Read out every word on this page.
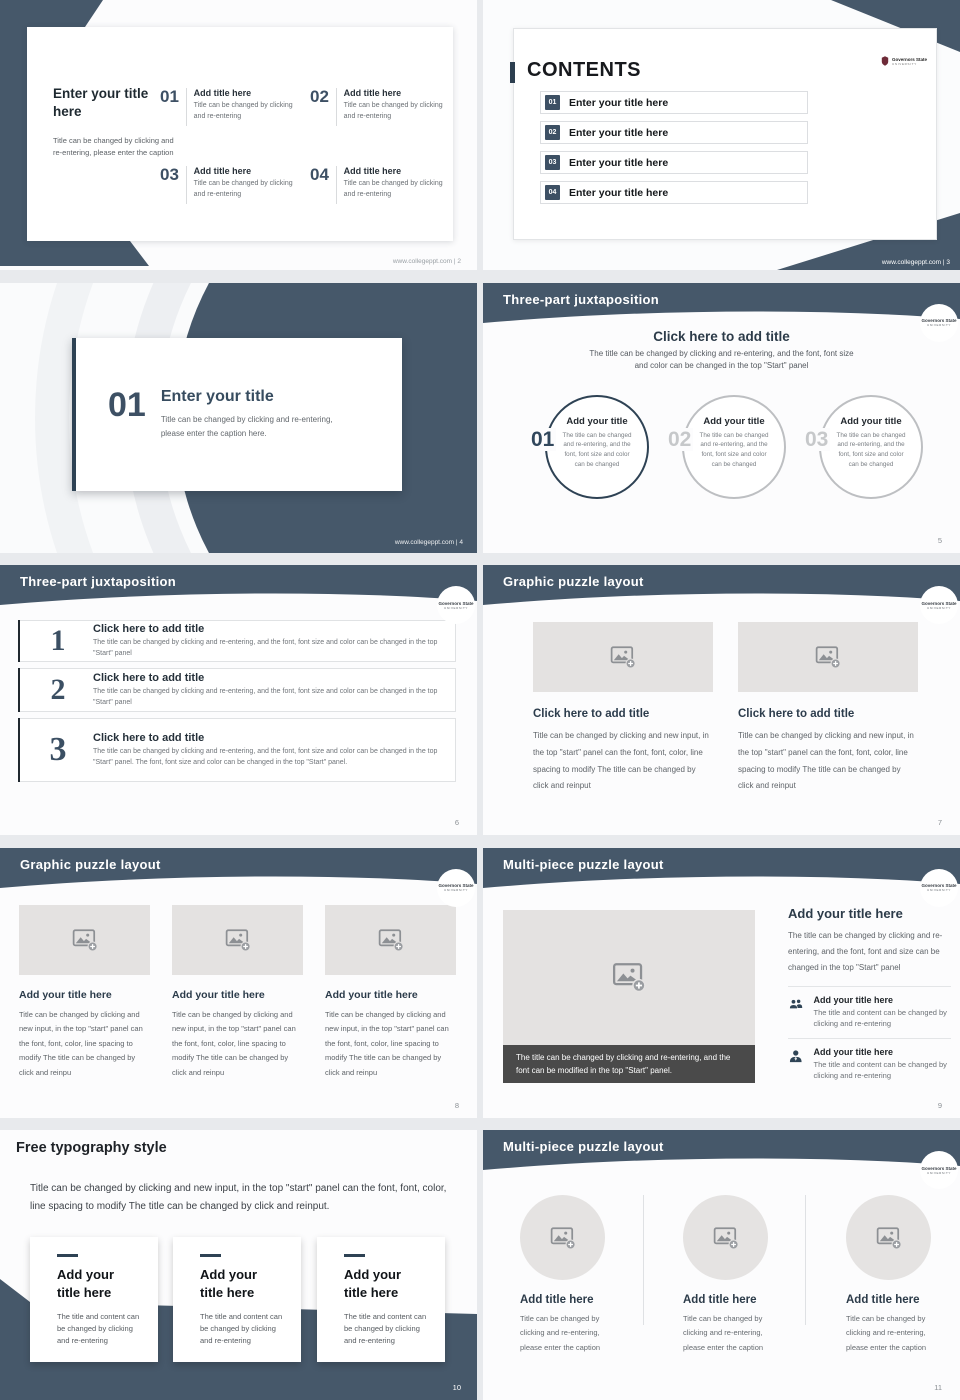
Enter your title here
Title can be changed by clicking and re-entering, please enter the caption
01 Add title here
Title can be changed by clicking and re-entering
02 Add title here
Title can be changed by clicking and re-entering
03 Add title here
Title can be changed by clicking and re-entering
04 Add title here
Title can be changed by clicking and re-entering
www.collegeppt.com | 2
CONTENTS	Governors State
UNIVERSITY
01	Enter your title here
02	Enter your title here
03	Enter your title here
04	Enter your title here
www.collegeppt.com | 3
01 Enter your title
Title can be changed by clicking and re-entering, please enter the caption here.
www.collegeppt.com | 4
Three-part juxtaposition
Governors State
UNIVERSITY
Click here to add title
The title can be changed by clicking and re-entering, and the font, font size and color can be changed in the top "Start" panel
01
Add your title
The title can be changed and re-entering, and the font, font size and color can be changed
02
Add your title
The title can be changed and re-entering, and the font, font size and color can be changed
03
Add your title
The title can be changed and re-entering, and the font, font size and color can be changed
5
Three-part juxtaposition
Governors State
UNIVERSITY
1	Click here to add title
The title can be changed by clicking and re-entering, and the font, font size and color can be changed in the top "Start" panel
2	Click here to add title
The title can be changed by clicking and re-entering, and the font, font size and color can be changed in the top "Start" panel
3	Click here to add title
The title can be changed by clicking and re-entering, and the font, font size and color can be changed in the top "Start" panel. The font, font size and color can be changed in the top "Start" panel.
6
Graphic puzzle layout
Governors State
UNIVERSITY
Click here to add title
Title can be changed by clicking and new input, in the top "start" panel can the font, font, color, line spacing to modify The title can be changed by click and reinput
Click here to add title
Title can be changed by clicking and new input, in the top "start" panel can the font, font, color, line spacing to modify The title can be changed by click and reinput
7
Graphic puzzle layout
Governors State
UNIVERSITY
Add your title here
Title can be changed by clicking and new input, in the top "start" panel can the font, font, color, line spacing to modify The title can be changed by click and reinpu
Add your title here
Title can be changed by clicking and new input, in the top "start" panel can the font, font, color, line spacing to modify The title can be changed by click and reinpu
Add your title here
Title can be changed by clicking and new input, in the top "start" panel can the font, font, color, line spacing to modify The title can be changed by click and reinpu
8
Multi-piece puzzle layout
Governors State
UNIVERSITY
The title can be changed by clicking and re-entering, and the font can be modified in the top "Start" panel.
Add your title here
The title can be changed by clicking and re-entering, and the font, font and size can be changed in the top "Start" panel
Add your title here
The title and content can be changed by clicking and re-entering
Add your title here
The title and content can be changed by clicking and re-entering
9
Free typography style
Title can be changed by clicking and new input, in the top "start" panel can the font, font, color, line spacing to modify The title can be changed by click and reinput.
Add your title here
The title and content can be changed by clicking and re-entering
Add your title here
The title and content can be changed by clicking and re-entering
Add your title here
The title and content can be changed by clicking and re-entering
10
Multi-piece puzzle layout
Governors State
UNIVERSITY
Add title here
Title can be changed by clicking and re-entering, please enter the caption
Add title here
Title can be changed by clicking and re-entering, please enter the caption
Add title here
Title can be changed by clicking and re-entering, please enter the caption
11
